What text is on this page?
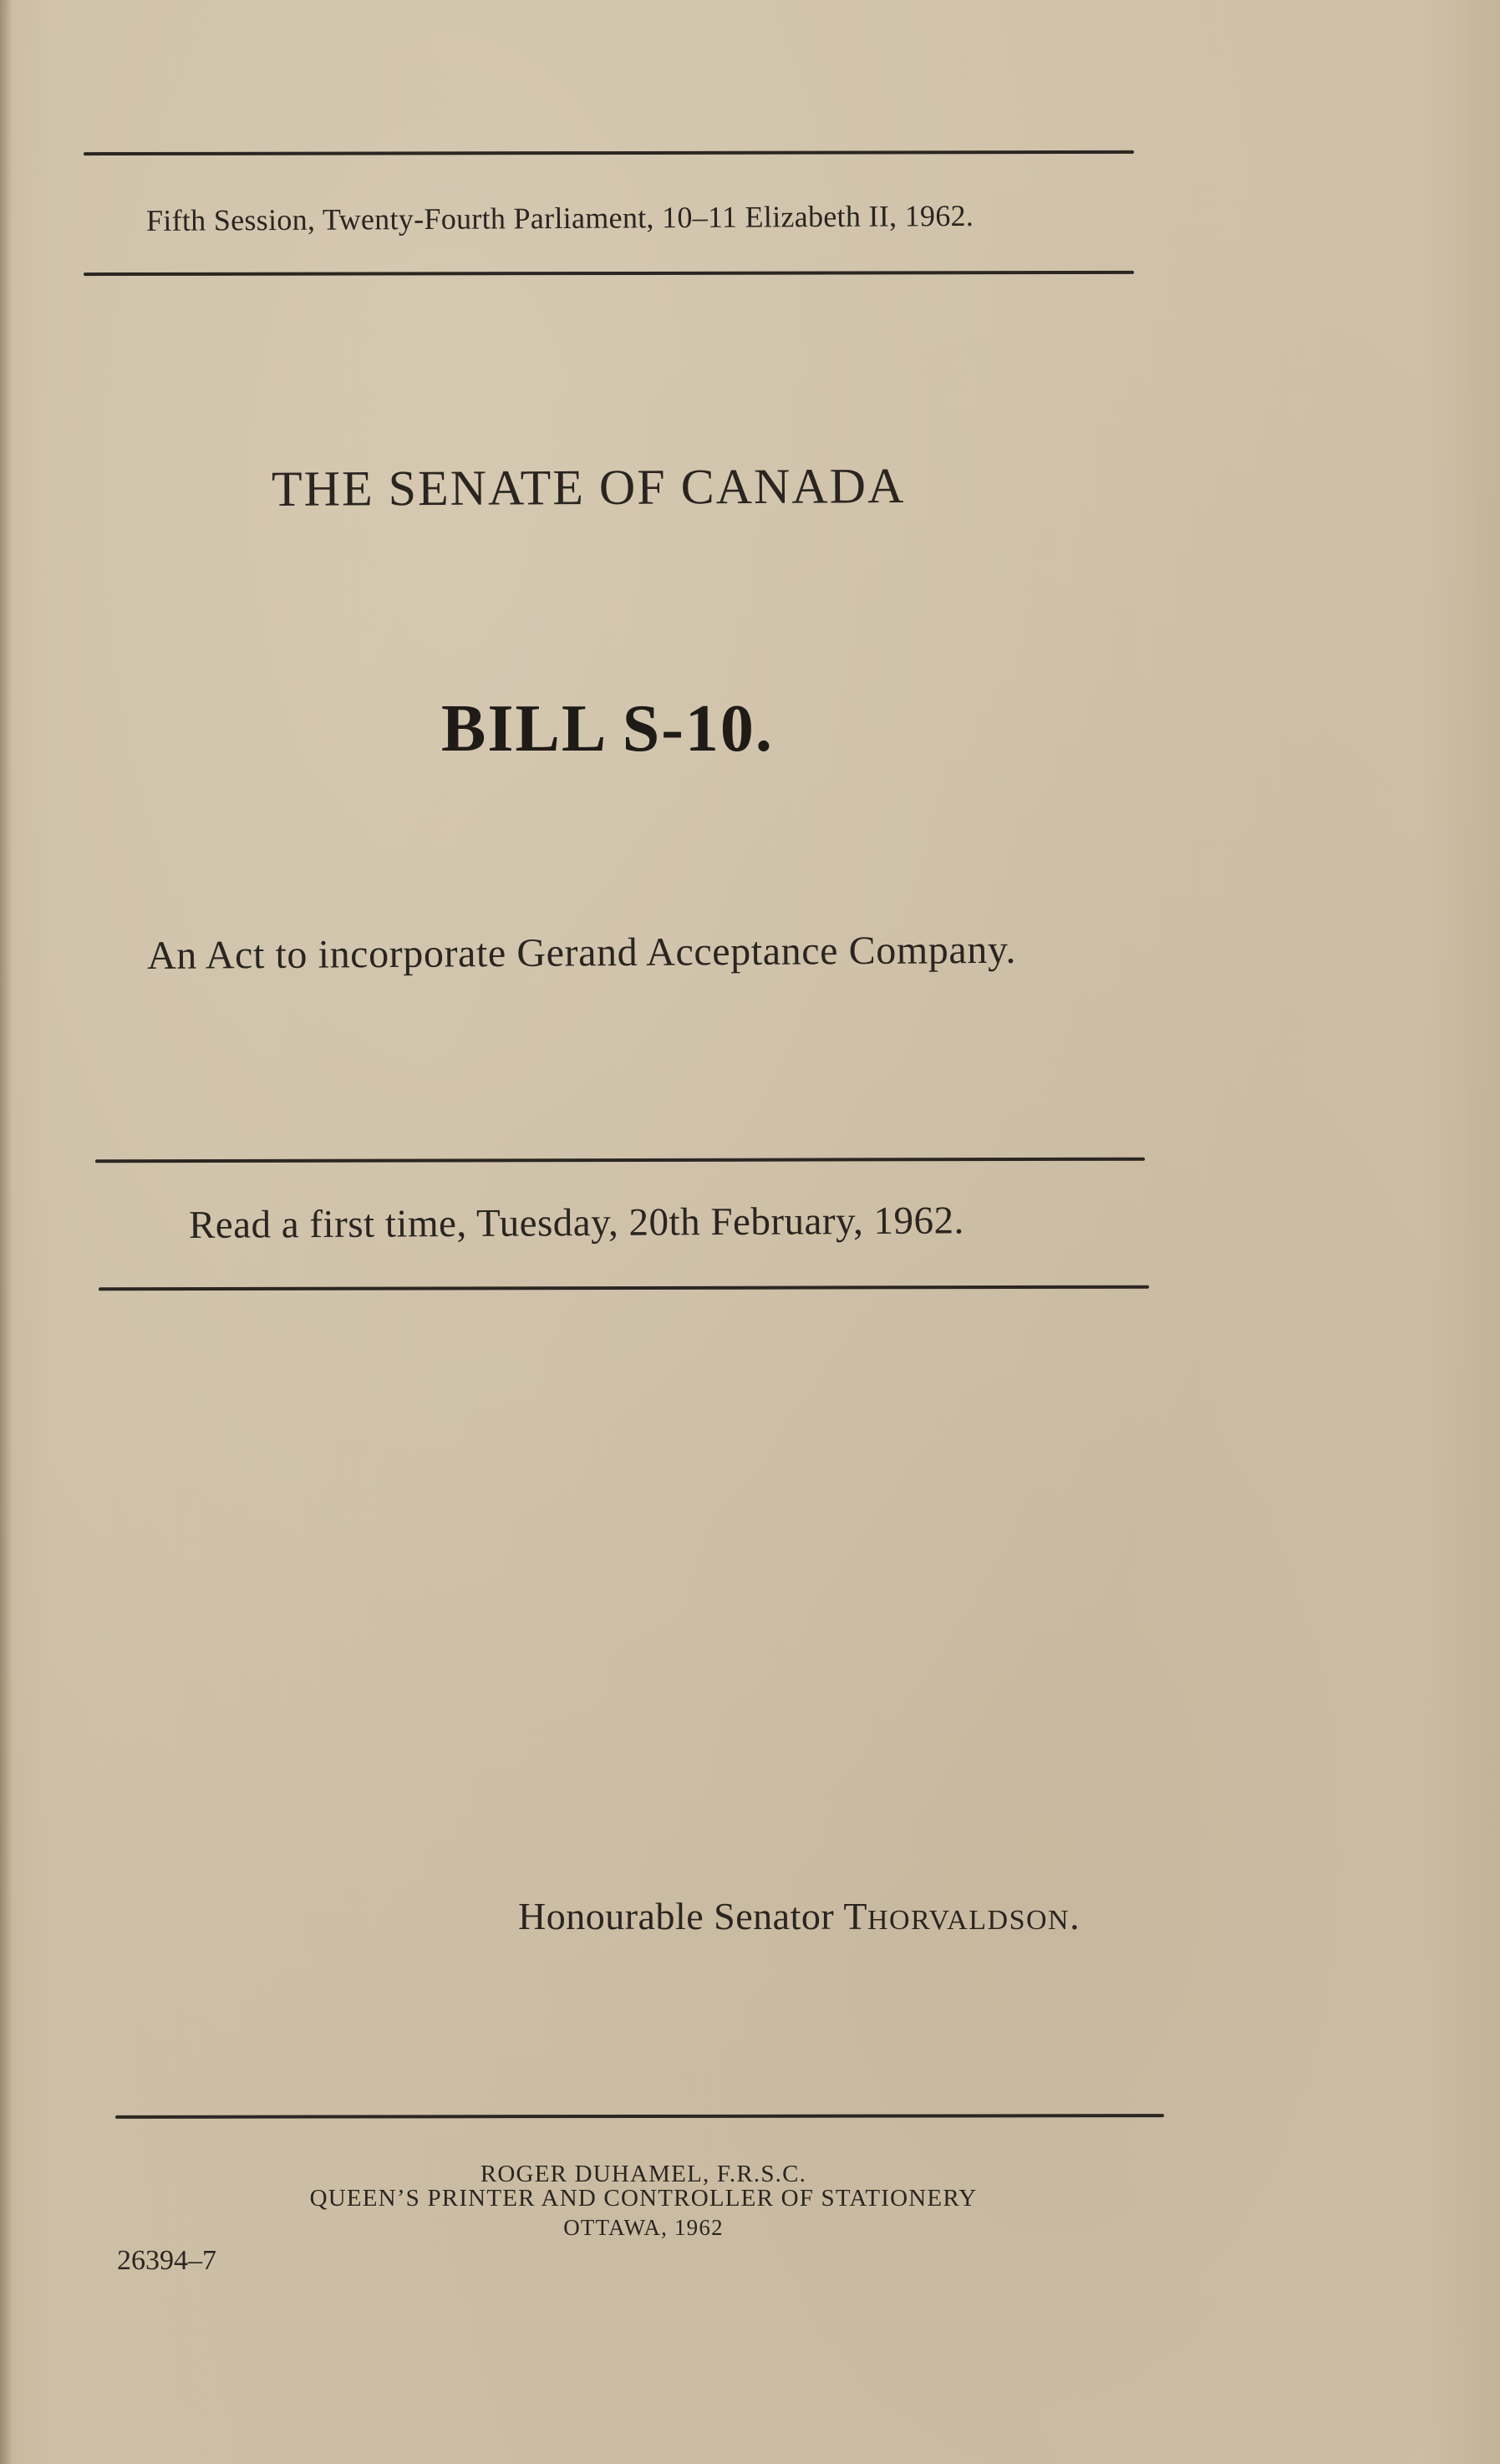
Fifth Session, Twenty-Fourth Parliament, 10–11 Elizabeth II, 1962.
THE SENATE OF CANADA
BILL S-10.
An Act to incorporate Gerand Acceptance Company.
Read a first time, Tuesday, 20th February, 1962.
Honourable Senator THORVALDSON.
ROGER DUHAMEL, F.R.S.C.
QUEEN’S PRINTER AND CONTROLLER OF STATIONERY
OTTAWA, 1962
26394–7
